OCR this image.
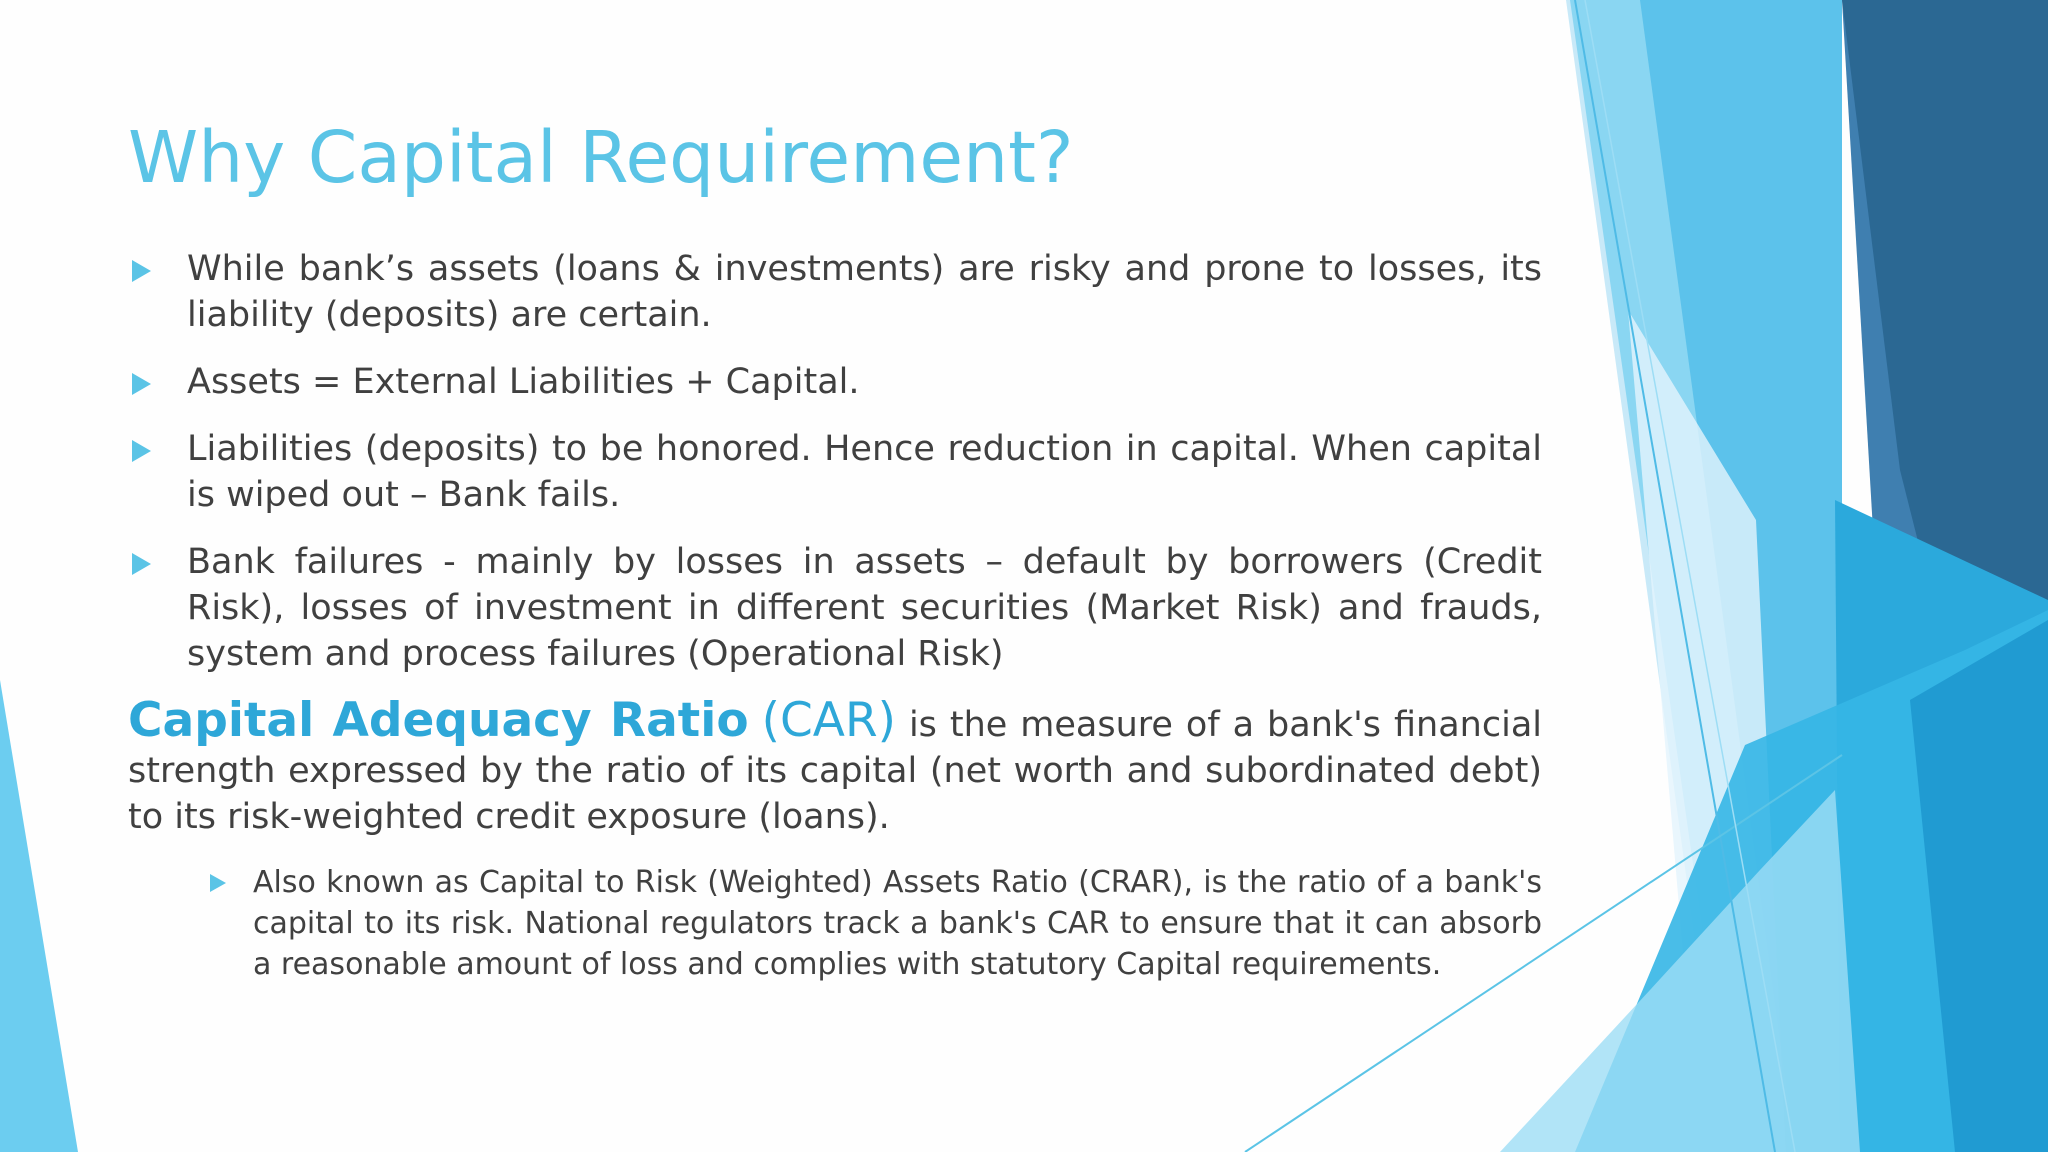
Why Capital Requirement?
While bank’s assets (loans & investments) are risky and prone to losses, its liability (deposits) are certain.
Assets = External Liabilities + Capital.
Liabilities (deposits) to be honored. Hence reduction in capital. When capital is wiped out – Bank fails.
Bank failures - mainly by losses in assets – default by borrowers (Credit Risk), losses of investment in different securities (Market Risk) and frauds, system and process failures (Operational Risk)

Capital Adequacy Ratio (CAR) is the measure of a bank's financial strength expressed by the ratio of its capital (net worth and subordinated debt) to its risk-weighted credit exposure (loans).

Also known as Capital to Risk (Weighted) Assets Ratio (CRAR), is the ratio of a bank's capital to its risk. National regulators track a bank's CAR to ensure that it can absorb a reasonable amount of loss and complies with statutory Capital requirements.
